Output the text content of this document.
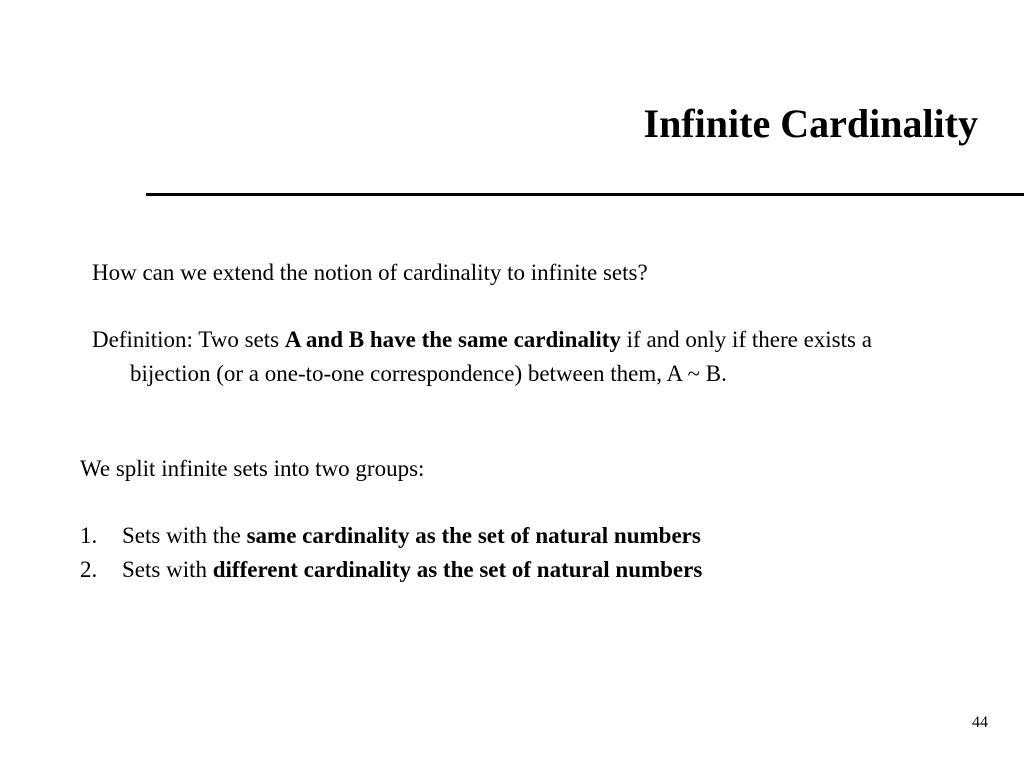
Infinite Cardinality

How can we extend the notion of cardinality to infinite sets?

Definition: Two sets A and B have the same cardinality if and only if there exists a bijection (or a one-to-one correspondence) between them, A ~ B.

We split infinite sets into two groups:

1. Sets with the same cardinality as the set of natural numbers
2. Sets with different cardinality as the set of natural numbers
44
